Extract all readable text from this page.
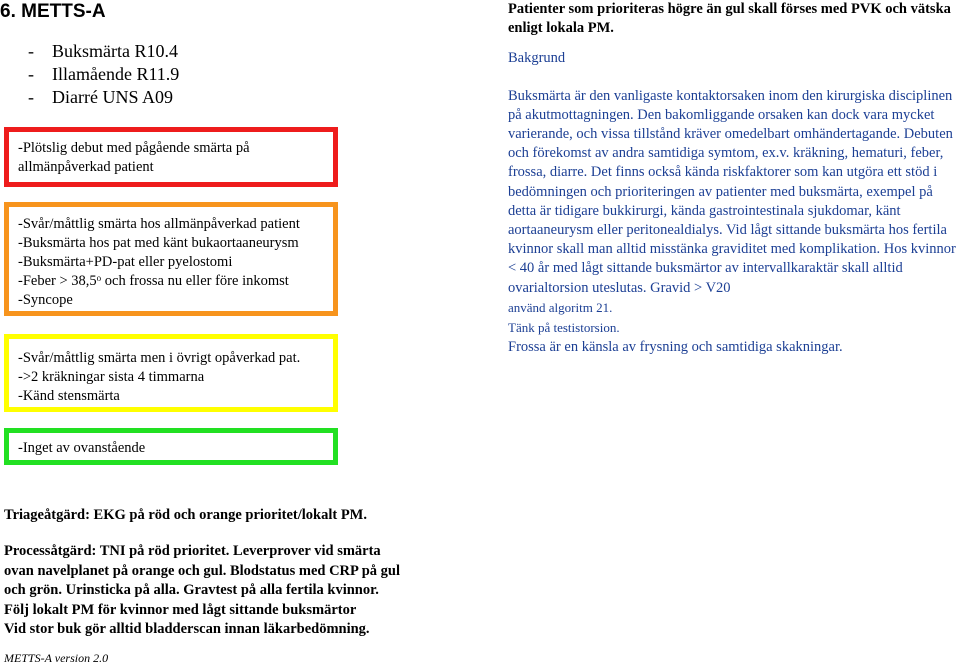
6. METTS-A
-	Buksmärta R10.4
-	Illamående R11.9
-	Diarré UNS A09
-Plötslig debut med pågående smärta på
allmänpåverkad patient
-Svår/måttlig smärta hos allmänpåverkad patient
-Buksmärta hos pat med känt bukaortaaneurysm
-Buksmärta+PD-pat eller pyelostomi
-Feber > $38,5^o$ och frossa nu eller före inkomst
-Syncope
-Svår/måttlig smärta men i övrigt opåverkad pat.
->2 kräkningar sista 4 timmarna
-Känd stensmärta
-Inget av ovanstående
Patienter som prioriteras högre än gul skall förses med PVK och vätska enligt lokala PM.
Bakgrund
Buksmärta är den vanligaste kontaktorsaken inom den kirurgiska disciplinen på akutmottagningen. Den bakomliggande orsaken kan dock vara mycket varierande, och vissa tillstånd kräver omedelbart omhändertagande. Debuten och förekomst av andra samtidiga symtom, ex.v. kräkning, hematuri, feber, frossa, diarre. Det finns också kända riskfaktorer som kan utgöra ett stöd i bedömningen och prioriteringen av patienter med buksmärta, exempel på detta är tidigare bukkirurgi, kända gastrointestinala sjukdomar, känt aortaaneurysm eller peritonealdialys. Vid lågt sittande buksmärta hos fertila kvinnor skall man alltid misstänka graviditet med komplikation. Hos kvinnor < 40 år med lågt sittande buksmärtor av intervallkaraktär skall alltid ovarialtorsion uteslutas. Gravid > V20
använd algoritm 21.
Tänk på testistorsion.
Frossa är en känsla av frysning och samtidiga skakningar.
Triageåtgärd: EKG på röd och orange prioritet/lokalt PM.
Processåtgärd: TNI på röd prioritet. Leverprover vid smärta
ovan navelplanet på orange och gul. Blodstatus med CRP på gul
och grön. Urinsticka på alla. Gravtest på alla fertila kvinnor.
Följ lokalt PM för kvinnor med lågt sittande buksmärtor
Vid stor buk gör alltid bladderscan innan läkarbedömning.
METTS-A version 2.0
